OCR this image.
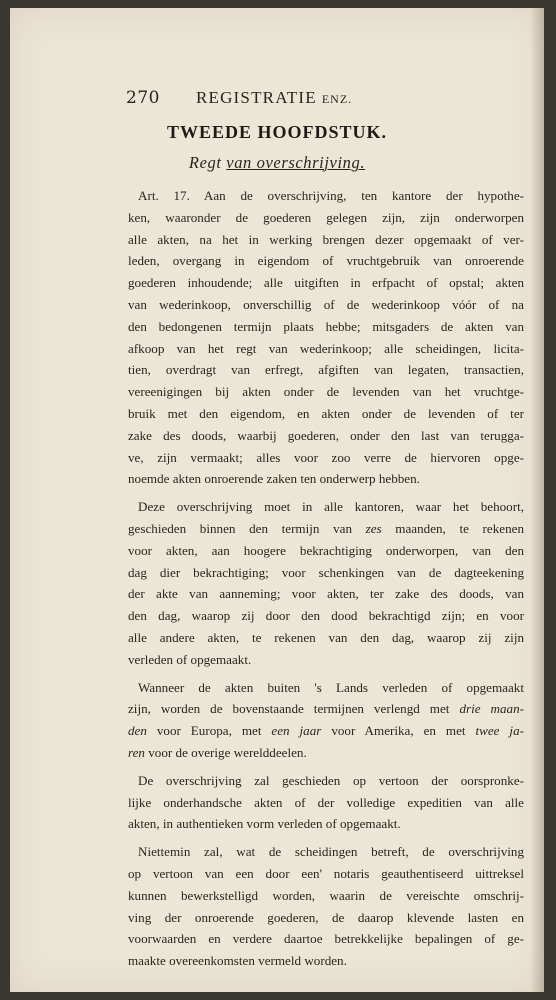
270 REGISTRATIE ENZ.
TWEEDE HOOFDSTUK.
Regt van overschrijving.
Art. 17. Aan de overschrijving, ten kantore der hypothe-
ken, waaronder de goederen gelegen zijn, zijn onderworpen
alle akten, na het in werking brengen dezer opgemaakt of ver-
leden, overgang in eigendom of vruchtgebruik van onroerende
goederen inhoudende; alle uitgiften in erfpacht of opstal; akten
van wederinkoop, onverschillig of de wederinkoop vóór of na
den bedongenen termijn plaats hebbe; mitsgaders de akten van
afkoop van het regt van wederinkoop; alle scheidingen, licita-
tien, overdragt van erfregt, afgiften van legaten, transactien,
vereenigingen bij akten onder de levenden van het vruchtge-
bruik met den eigendom, en akten onder de levenden of ter
zake des doods, waarbij goederen, onder den last van terugga-
ve, zijn vermaakt; alles voor zoo verre de hiervoren opge-
noemde akten onroerende zaken ten onderwerp hebben.
Deze overschrijving moet in alle kantoren, waar het behoort,
geschieden binnen den termijn van zes maanden, te rekenen
voor akten, aan hoogere bekrachtiging onderworpen, van den
dag dier bekrachtiging; voor schenkingen van de dagteekening
der akte van aanneming; voor akten, ter zake des doods, van
den dag, waarop zij door den dood bekrachtigd zijn; en voor
alle andere akten, te rekenen van den dag, waarop zij zijn
verleden of opgemaakt.
Wanneer de akten buiten 's Lands verleden of opgemaakt
zijn, worden de bovenstaande termijnen verlengd met drie maan-
den voor Europa, met een jaar voor Amerika, en met twee ja-
ren voor de overige werelddeelen.
De overschrijving zal geschieden op vertoon der oorspronke-
lijke onderhandsche akten of der volledige expeditien van alle
akten, in authentieken vorm verleden of opgemaakt.
Niettemin zal, wat de scheidingen betreft, de overschrijving
op vertoon van een door een' notaris geauthentiseerd uittreksel
kunnen bewerkstelligd worden, waarin de vereischte omschrij-
ving der onroerende goederen, de daarop klevende lasten en
voorwaarden en verdere daartoe betrekkelijke bepalingen of ge-
maakte overeenkomsten vermeld worden.
